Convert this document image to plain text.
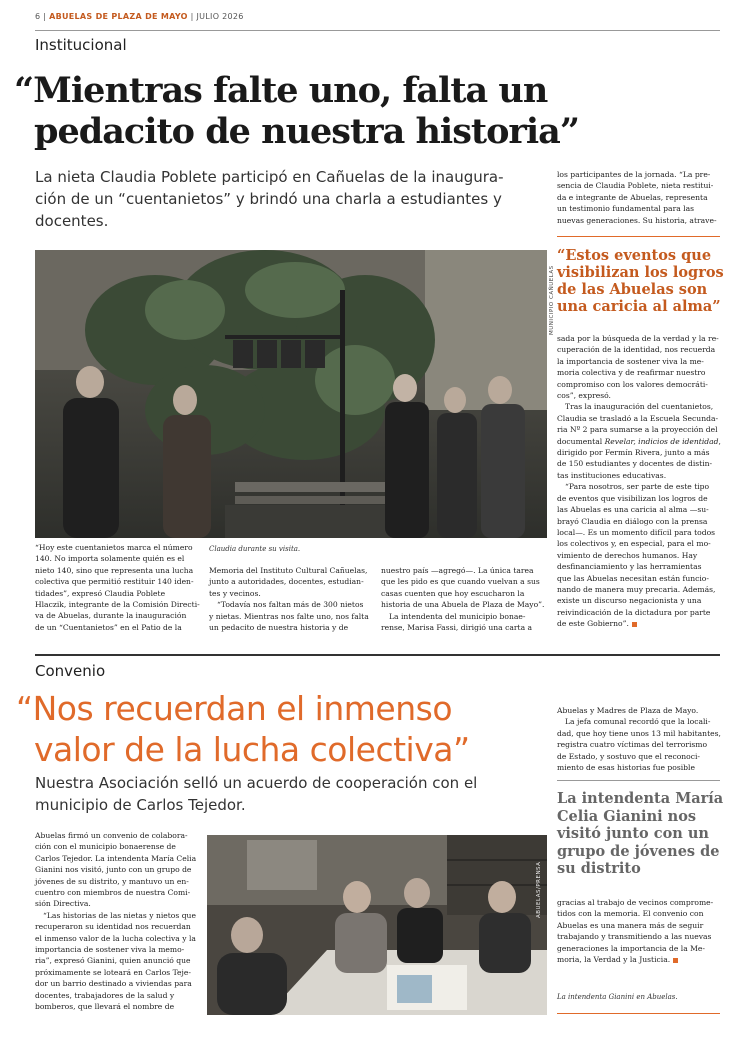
6 | ABUELAS DE PLAZA DE MAYO | JULIO 2026
Institucional
“Mientras falte uno, falta un
pedacito de nuestra historia”
La nieta Claudia Poblete participó en Cañuelas de la inaugura-
ción de un “cuentanietos” y brindó una charla a estudiantes y
docentes.
los participantes de la jornada. “La pre-
sencia de Claudia Poblete, nieta restitui-
da e integrante de Abuelas, representa
un testimonio fundamental para las
nuevas generaciones. Su historia, atrave-
MUNICIPIO CAÑUELAS
“Estos eventos que
visibilizan los logros
de las Abuelas son
una caricia al alma”
sada por la búsqueda de la verdad y la re-
cuperación de la identidad, nos recuerda
la importancia de sostener viva la me-
moria colectiva y de reafirmar nuestro
compromiso con los valores democráti-
cos”, expresó.
Tras la inauguración del cuentanietos,
Claudia se trasladó a la Escuela Secunda-
ria Nº 2 para sumarse a la proyección del
documental Revelar, indicios de identidad,
dirigido por Fermín Rivera, junto a más
de 150 estudiantes y docentes de distin-
tas instituciones educativas.
“Para nosotros, ser parte de este tipo
de eventos que visibilizan los logros de
las Abuelas es una caricia al alma —su-
brayó Claudia en diálogo con la prensa
local—. Es un momento difícil para todos
los colectivos y, en especial, para el mo-
vimiento de derechos humanos. Hay
desfinanciamiento y las herramientas
que las Abuelas necesitan están funcio-
nando de manera muy precaria. Además,
existe un discurso negacionista y una
reivindicación de la dictadura por parte
de este Gobierno”.
“Hoy este cuentanietos marca el número
140. No importa solamente quién es el
nieto 140, sino que representa una lucha
colectiva que permitió restituir 140 iden-
tidades”, expresó Claudia Poblete
Hlaczik, integrante de la Comisión Directi-
va de Abuelas, durante la inauguración
de un “Cuentanietos” en el Patio de la
Claudia durante su visita.
Memoria del Instituto Cultural Cañuelas,
junto a autoridades, docentes, estudian-
tes y vecinos.
“Todavía nos faltan más de 300 nietos
y nietas. Mientras nos falte uno, nos falta
un pedacito de nuestra historia y de
nuestro país —agregó—. La única tarea
que les pido es que cuando vuelvan a sus
casas cuenten que hoy escucharon la
historia de una Abuela de Plaza de Mayo”.
La intendenta del municipio bonae-
rense, Marisa Fassi, dirigió una carta a
Convenio
“Nos recuerdan el inmenso
valor de la lucha colectiva”
Nuestra Asociación selló un acuerdo de cooperación con el
municipio de Carlos Tejedor.
Abuelas y Madres de Plaza de Mayo.
La jefa comunal recordó que la locali-
dad, que hoy tiene unos 13 mil habitantes,
registra cuatro víctimas del terrorismo
de Estado, y sostuvo que el reconoci-
miento de esas historias fue posible
La intendenta María
Celia Gianini nos
visitó junto con un
grupo de jóvenes de
su distrito
gracias al trabajo de vecinos comprome-
tidos con la memoria. El convenio con
Abuelas es una manera más de seguir
trabajando y transmitiendo a las nuevas
generaciones la importancia de la Me-
moria, la Verdad y la Justicia.
La intendenta Gianini en Abuelas.
Abuelas firmó un convenio de colabora-
ción con el municipio bonaerense de
Carlos Tejedor. La intendenta María Celia
Gianini nos visitó, junto con un grupo de
jóvenes de su distrito, y mantuvo un en-
cuentro con miembros de nuestra Comi-
sión Directiva.
“Las historias de las nietas y nietos que
recuperaron su identidad nos recuerdan
el inmenso valor de la lucha colectiva y la
importancia de sostener viva la memo-
ria”, expresó Gianini, quien anunció que
próximamente se loteará en Carlos Teje-
dor un barrio destinado a viviendas para
docentes, trabajadores de la salud y
bomberos, que llevará el nombre de
ABUELAS/PRENSA
